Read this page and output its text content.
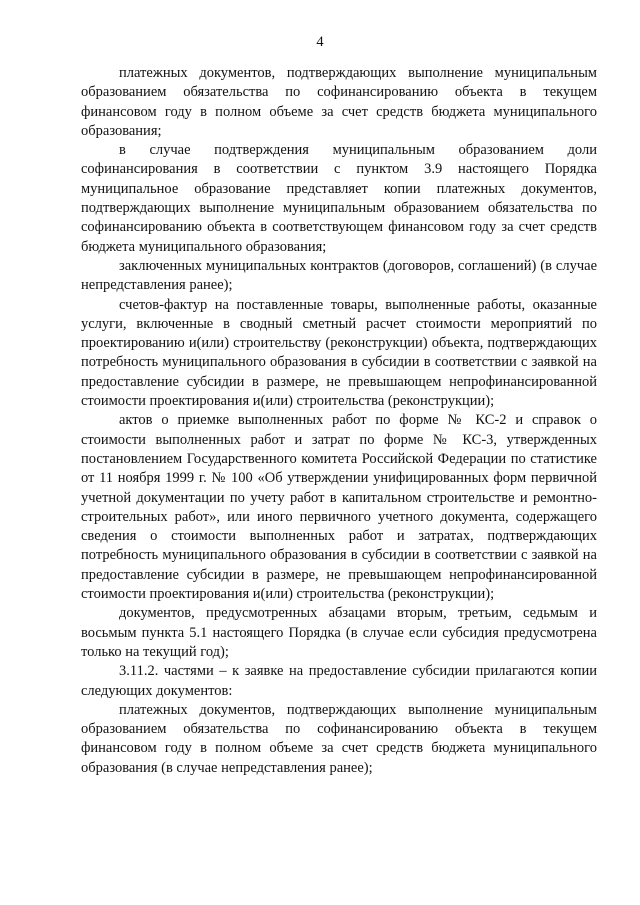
4

платежных документов, подтверждающих выполнение муниципальным образованием обязательства по софинансированию объекта в текущем финансовом году в полном объеме за счет средств бюджета муниципального образования;

в случае подтверждения муниципальным образованием доли софинансирования в соответствии с пунктом 3.9 настоящего Порядка муниципальное образование представляет копии платежных документов, подтверждающих выполнение муниципальным образованием обязательства по софинансированию объекта в соответствующем финансовом году за счет средств бюджета муниципального образования;

заключенных муниципальных контрактов (договоров, соглашений) (в случае непредставления ранее);

счетов-фактур на поставленные товары, выполненные работы, оказанные услуги, включенные в сводный сметный расчет стоимости мероприятий по проектированию и(или) строительству (реконструкции) объекта, подтверждающих потребность муниципального образования в субсидии в соответствии с заявкой на предоставление субсидии в размере, не превышающем непрофинансированной стоимости проектирования и(или) строительства (реконструкции);

актов о приемке выполненных работ по форме № КС-2 и справок о стоимости выполненных работ и затрат по форме № КС-3, утвержденных постановлением Государственного комитета Российской Федерации по статистике от 11 ноября 1999 г. № 100 «Об утверждении унифицированных форм первичной учетной документации по учету работ в капитальном строительстве и ремонтно-строительных работ», или иного первичного учетного документа, содержащего сведения о стоимости выполненных работ и затратах, подтверждающих потребность муниципального образования в субсидии в соответствии с заявкой на предоставление субсидии в размере, не превышающем непрофинансированной стоимости проектирования и(или) строительства (реконструкции);

документов, предусмотренных абзацами вторым, третьим, седьмым и восьмым пункта 5.1 настоящего Порядка (в случае если субсидия предусмотрена только на текущий год);

3.11.2. частями – к заявке на предоставление субсидии прилагаются копии следующих документов:

платежных документов, подтверждающих выполнение муниципальным образованием обязательства по софинансированию объекта в текущем финансовом году в полном объеме за счет средств бюджета муниципального образования (в случае непредставления ранее);
